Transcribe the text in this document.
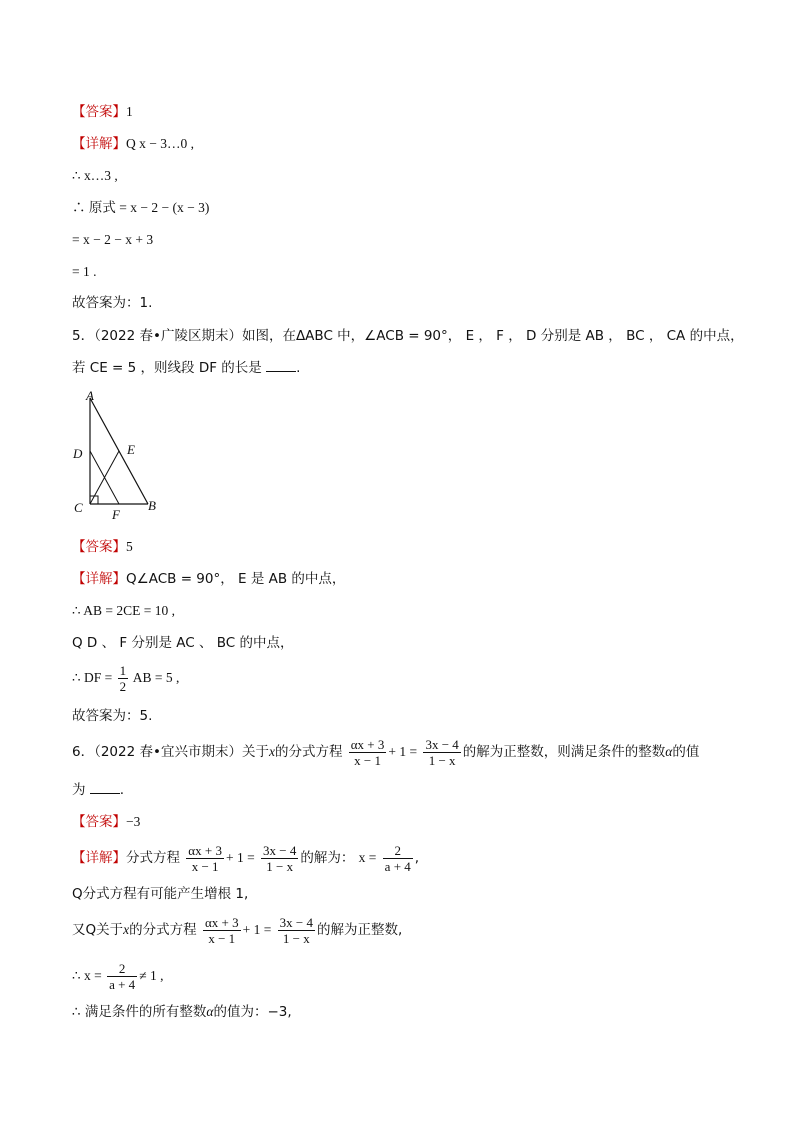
【答案】1
【详解】Q x − 3…0 ,
∴ x…3 ,
∴ 原式 = x − 2 − (x − 3)
= x − 2 − x + 3
= 1 .
故答案为：1.
5．（2022 春•广陵区期末）如图，在ΔABC 中，∠ACB = 90°， E ， F ， D 分别是 AB ， BC ， CA 的中点，
若 CE = 5 ，则线段 DF 的长是	.
A
D	E
C F
B
【答案】5
【详解】Q∠ACB = 90°， E 是 AB 的中点，
∴ AB = 2CE = 10 ,
Q D 、 F 分别是 AC 、 BC 的中点，
∴ DF = $\frac{1}{2}$ AB = 5 ,
故答案为：5.
6．（2022 春•宜兴市期末）关于x的分式方程 $\frac{\alpha x + 3}{x - 1} + 1 = \frac{3x - 4}{1 - x}$ 的解为正整数，则满足条件的整数α的值
为	.
【答案】−3
【详解】分式方程 $\frac{\alpha x + 3}{x - 1} + 1 = \frac{3x - 4}{1 - x}$ 的解为： $x = \frac{2}{a + 4}$ ,
Q分式方程有可能产生增根 1,
又Q关于x的分式方程 $\frac{\alpha x + 3}{x - 1} + 1 = \frac{3x - 4}{1 - x}$ 的解为正整数,
∴ $x = \frac{2}{a + 4} \ne 1$ ,
∴ 满足条件的所有整数α的值为：−3,
